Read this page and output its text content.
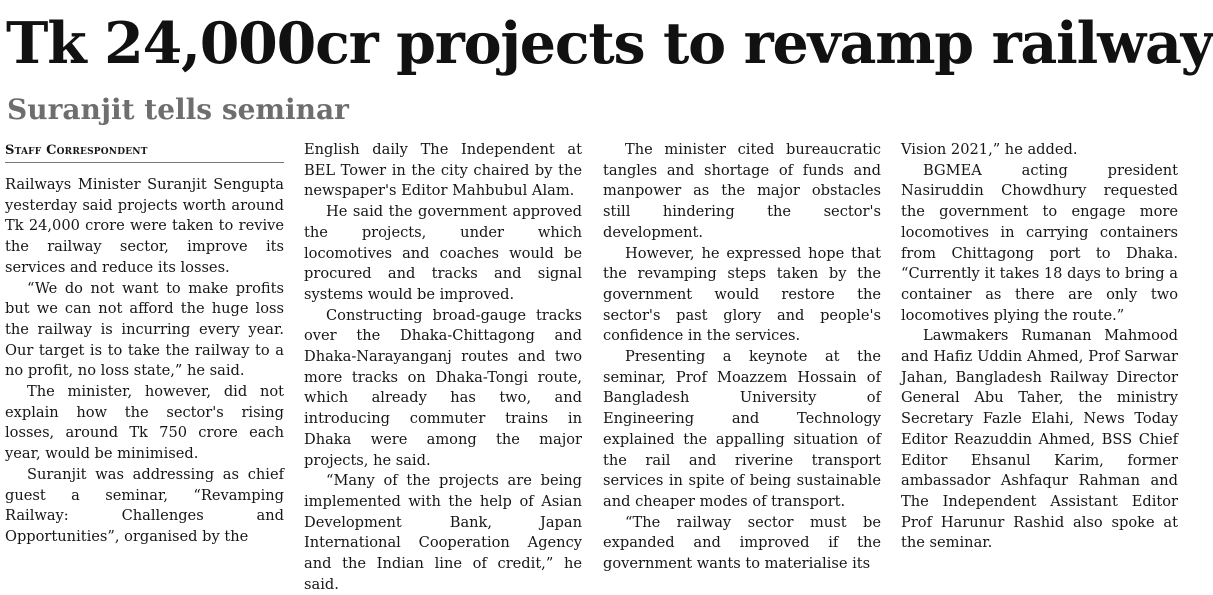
Tk 24,000cr projects to revamp railway
Suranjit tells seminar
Staff Correspondent

Railways Minister Suranjit Sengupta yesterday said projects worth around Tk 24,000 crore were taken to revive the railway sector, improve its services and reduce its losses.

“We do not want to make profits but we can not afford the huge loss the railway is incurring every year. Our target is to take the railway to a no profit, no loss state,” he said.

The minister, however, did not explain how the sector's rising losses, around Tk 750 crore each year, would be minimised.

Suranjit was addressing as chief guest a seminar, “Revamping Railway: Challenges and Opportunities”, organised by the

English daily The Independent at BEL Tower in the city chaired by the newspaper's Editor Mahbubul Alam.

He said the government approved the projects, under which locomotives and coaches would be procured and tracks and signal systems would be improved.

Constructing broad-gauge tracks over the Dhaka-Chittagong and Dhaka-Narayanganj routes and two more tracks on Dhaka-Tongi route, which already has two, and introducing commuter trains in Dhaka were among the major projects, he said.

“Many of the projects are being implemented with the help of Asian Development Bank, Japan International Cooperation Agency and the Indian line of credit,” he said.

The minister cited bureaucratic tangles and shortage of funds and manpower as the major obstacles still hindering the sector's development.

However, he expressed hope that the revamping steps taken by the government would restore the sector's past glory and people's confidence in the services.

Presenting a keynote at the seminar, Prof Moazzem Hossain of Bangladesh University of Engineering and Technology explained the appalling situation of the rail and riverine transport services in spite of being sustainable and cheaper modes of transport.

“The railway sector must be expanded and improved if the government wants to materialise its

Vision 2021,” he added.

BGMEA acting president Nasiruddin Chowdhury requested the government to engage more locomotives in carrying containers from Chittagong port to Dhaka. “Currently it takes 18 days to bring a container as there are only two locomotives plying the route.”

Lawmakers Rumanan Mahmood and Hafiz Uddin Ahmed, Prof Sarwar Jahan, Bangladesh Railway Director General Abu Taher, the ministry Secretary Fazle Elahi, News Today Editor Reazuddin Ahmed, BSS Chief Editor Ehsanul Karim, former ambassador Ashfaqur Rahman and The Independent Assistant Editor Prof Harunur Rashid also spoke at the seminar.
